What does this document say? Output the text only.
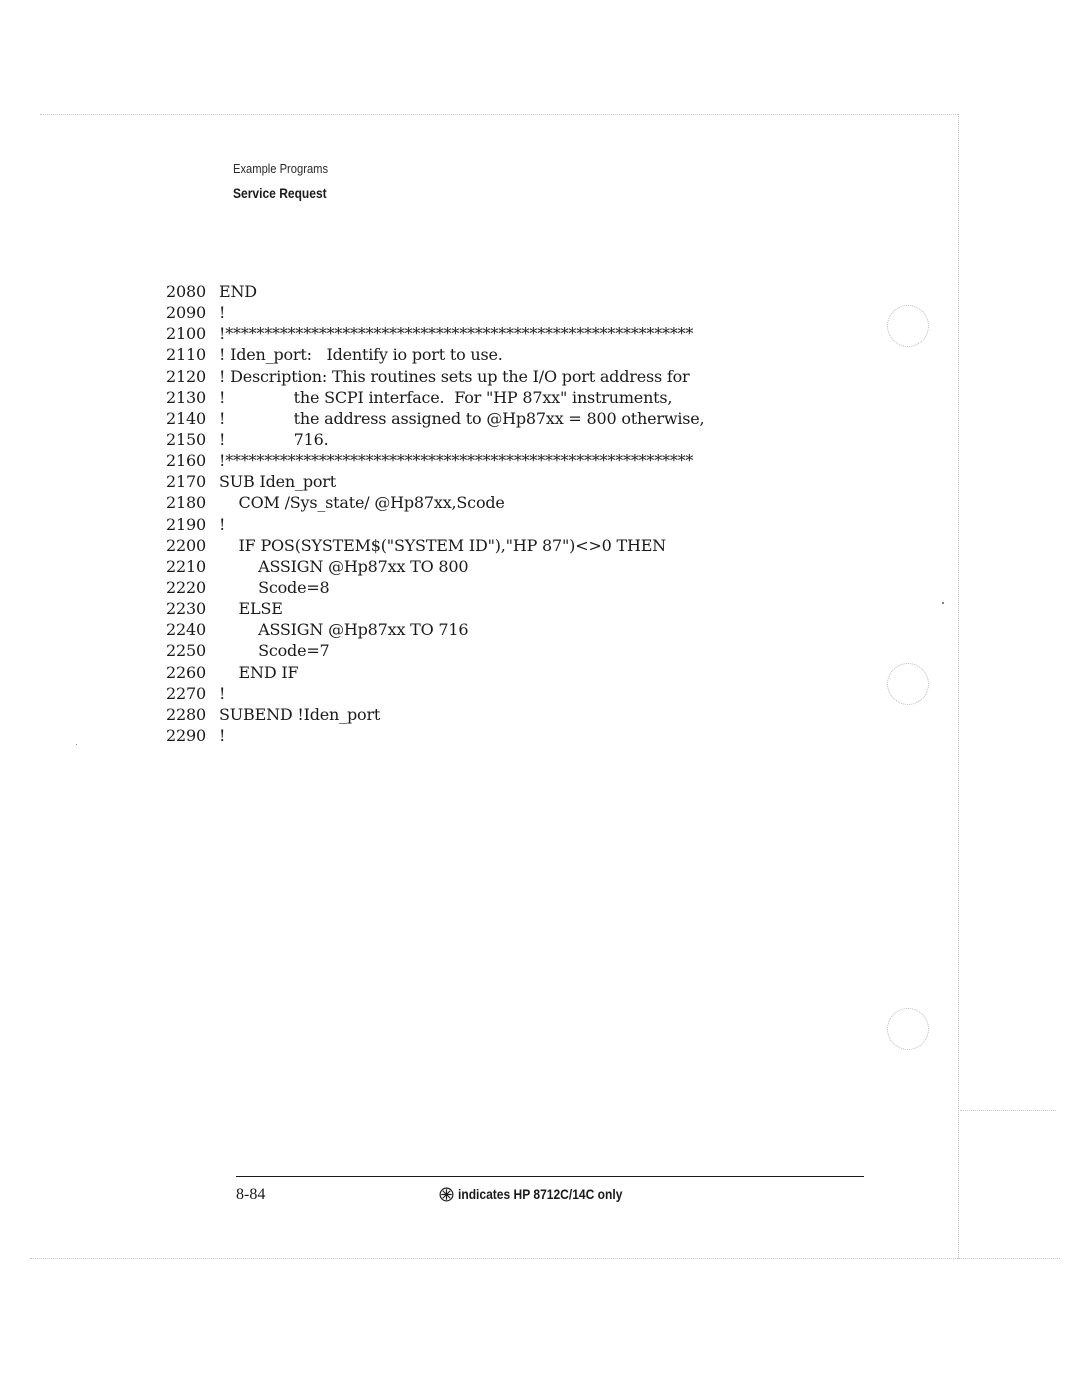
Example Programs
Service Request
2080 END
2090 !
2100 !************************************************************
2110 ! Iden_port:   Identify io port to use.
2120 ! Description: This routines sets up the I/O port address for
2130 !              the SCPI interface.  For "HP 87xx" instruments,
2140 !              the address assigned to @Hp87xx = 800 otherwise,
2150 !              716.
2160 !************************************************************
2170 SUB Iden_port
2180    COM /Sys_state/ @Hp87xx,Scode
2190 !
2200    IF POS(SYSTEM$("SYSTEM ID"),"HP 87")<>0 THEN
2210        ASSIGN @Hp87xx TO 800
2220        Scode=8
2230    ELSE
2240        ASSIGN @Hp87xx TO 716
2250        Scode=7
2260    END IF
2270 !
2280 SUBEND !Iden_port
2290 !
8-84	indicates HP 8712C/14C only
